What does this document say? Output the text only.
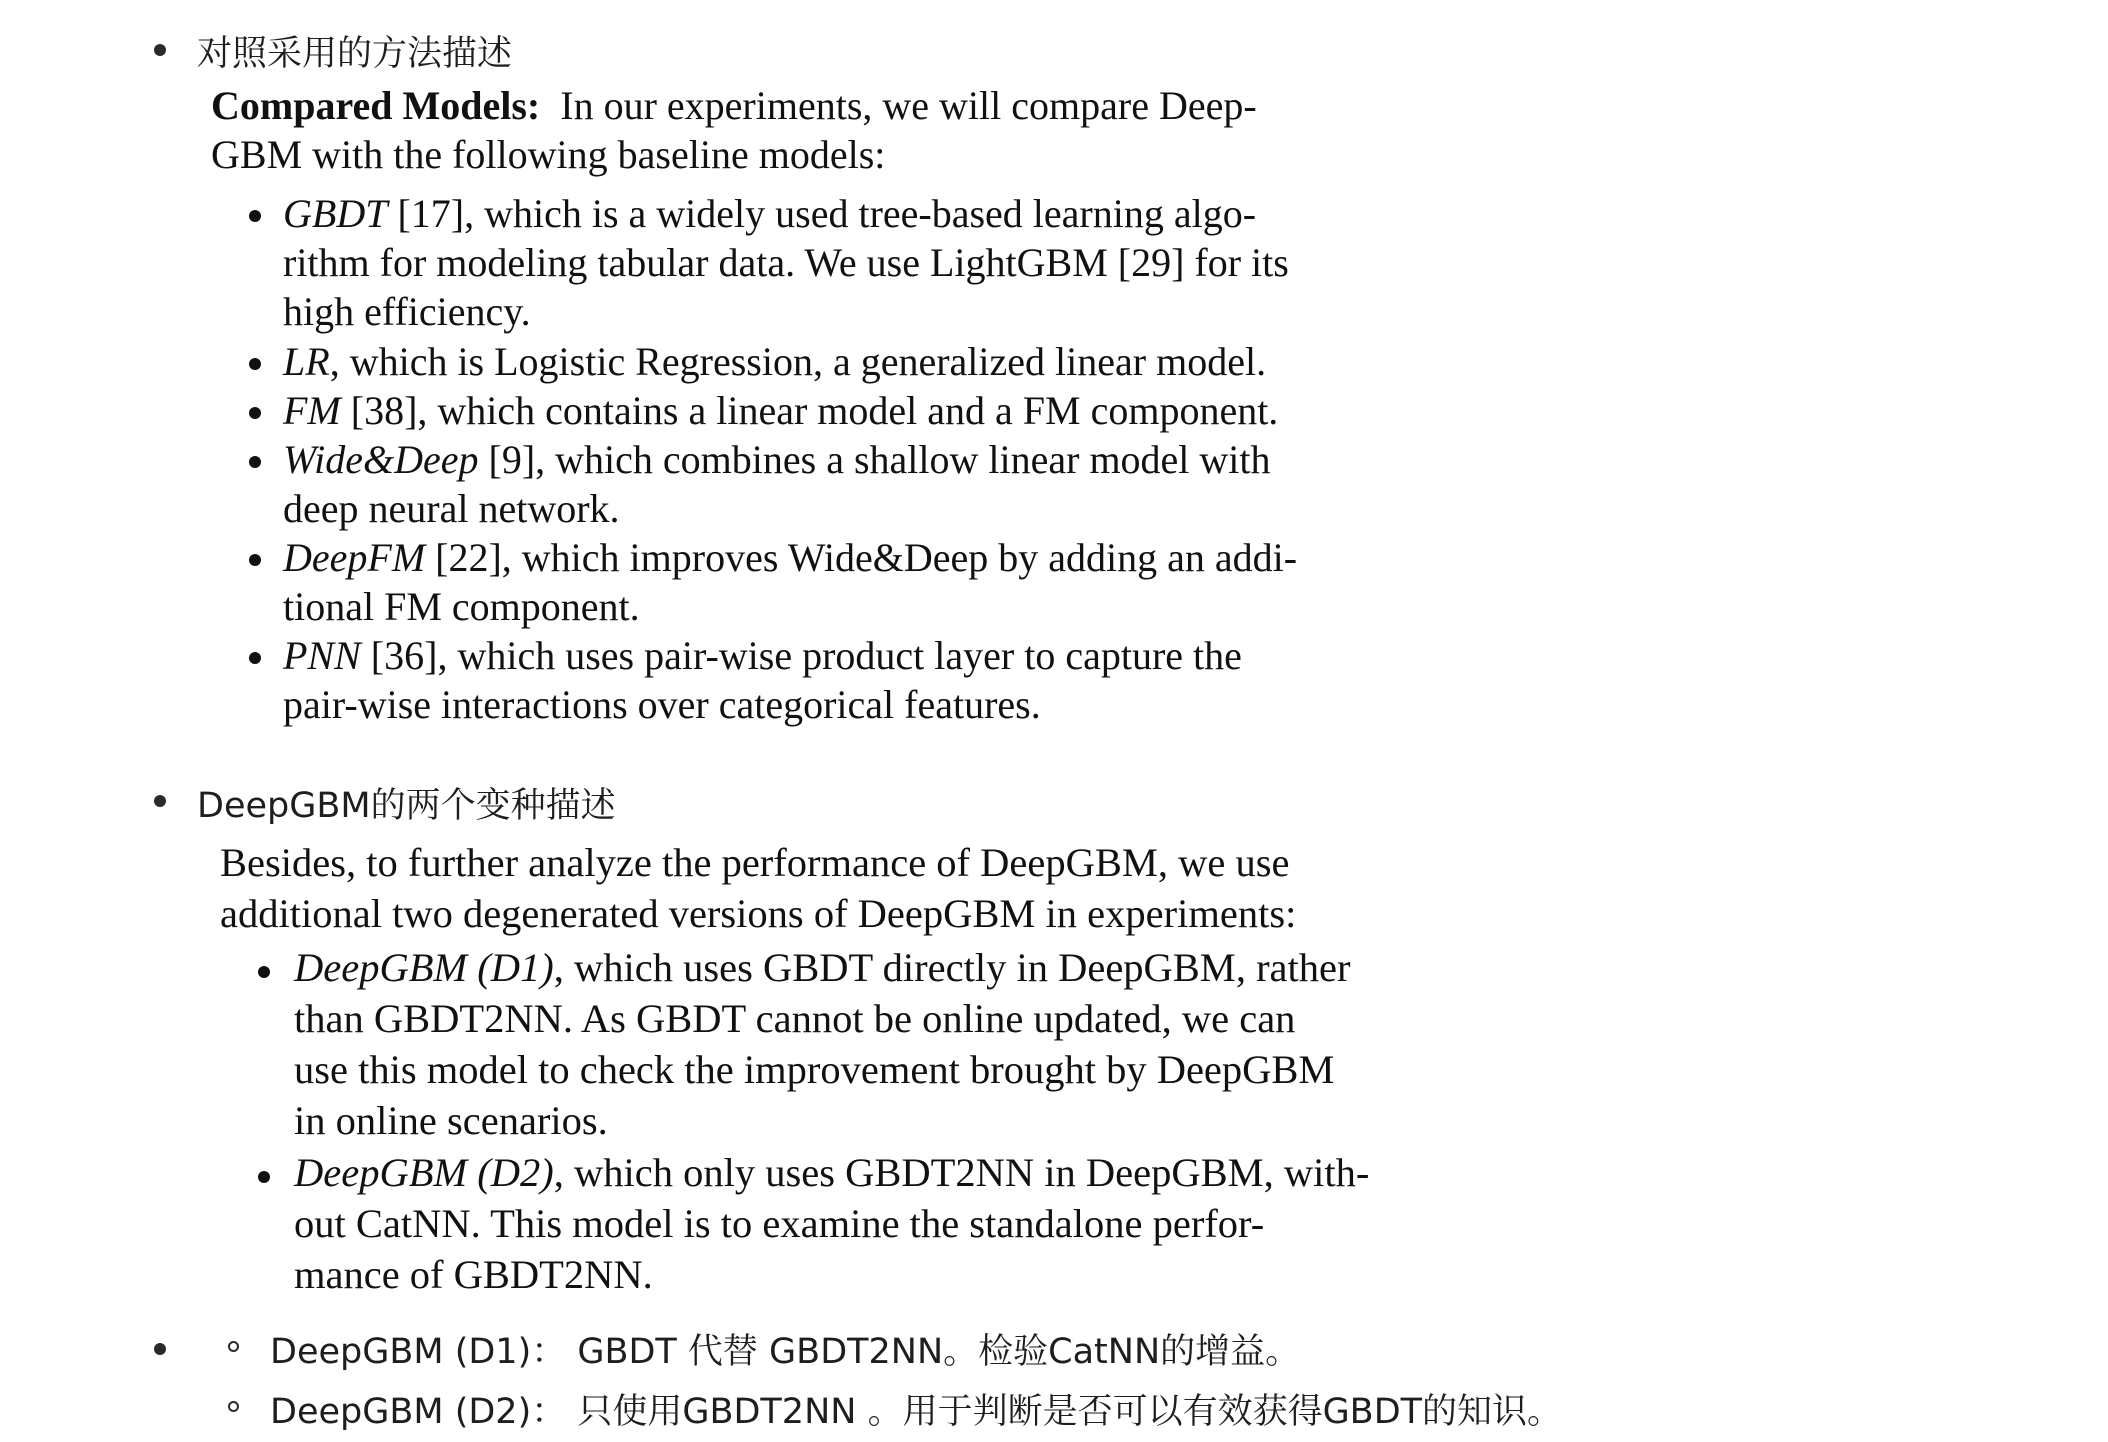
对照采用的方法描述
Compared Models: In our experiments, we will compare Deep-
GBM with the following baseline models:
GBDT [17], which is a widely used tree-based learning algo-
rithm for modeling tabular data. We use LightGBM [29] for its
high efficiency.
LR, which is Logistic Regression, a generalized linear model.
FM [38], which contains a linear model and a FM component.
Wide&Deep [9], which combines a shallow linear model with
deep neural network.
DeepFM [22], which improves Wide&Deep by adding an addi-
tional FM component.
PNN [36], which uses pair-wise product layer to capture the
pair-wise interactions over categorical features.
DeepGBM的两个变种描述
Besides, to further analyze the performance of DeepGBM, we use
additional two degenerated versions of DeepGBM in experiments:
DeepGBM (D1), which uses GBDT directly in DeepGBM, rather
than GBDT2NN. As GBDT cannot be online updated, we can
use this model to check the improvement brought by DeepGBM
in online scenarios.
DeepGBM (D2), which only uses GBDT2NN in DeepGBM, with-
out CatNN. This model is to examine the standalone perfor-
mance of GBDT2NN.
DeepGBM (D1)： GBDT 代替 GBDT2NN。检验CatNN的增益。
DeepGBM (D2)： 只使用GBDT2NN 。用于判断是否可以有效获得GBDT的知识。
